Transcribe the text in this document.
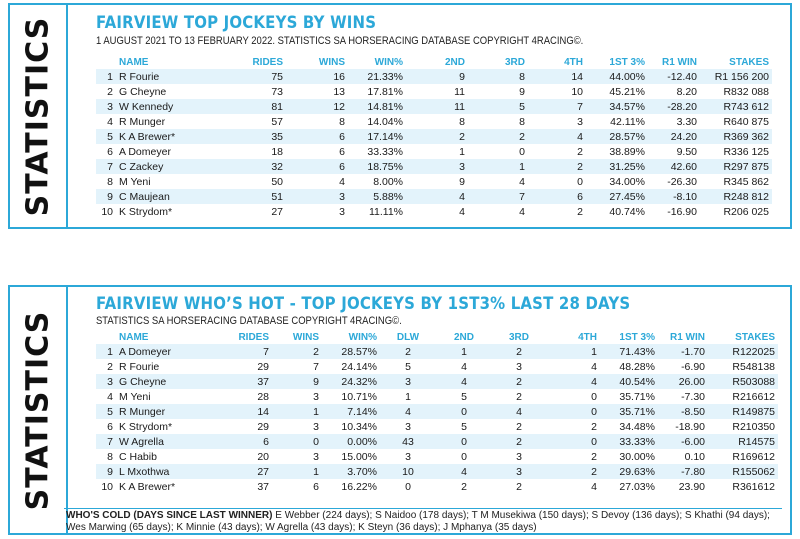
STATISTICS FAIRVIEW TOP JOCKEYS BY WINS
1 AUGUST 2021 TO 13 FEBRUARY 2022. STATISTICS SA HORSERACING DATABASE COPYRIGHT 4RACING©.
	NAME	RIDES	WINS	WIN%	2ND	3RD	4TH	1ST 3%	R1 WIN	STAKES
1	R Fourie	75	16	21.33%	9	8	14	44.00%	-12.40	R1 156 200
2	G Cheyne	73	13	17.81%	11	9	10	45.21%	8.20	R832 088
3	W Kennedy	81	12	14.81%	11	5	7	34.57%	-28.20	R743 612
4	R Munger	57	8	14.04%	8	8	3	42.11%	3.30	R640 875
5	K A Brewer*	35	6	17.14%	2	2	4	28.57%	24.20	R369 362
6	A Domeyer	18	6	33.33%	1	0	2	38.89%	9.50	R336 125
7	C Zackey	32	6	18.75%	3	1	2	31.25%	42.60	R297 875
8	M Yeni	50	4	8.00%	9	4	0	34.00%	-26.30	R345 862
9	C Maujean	51	3	5.88%	4	7	6	27.45%	-8.10	R248 812
10	K Strydom*	27	3	11.11%	4	4	2	40.74%	-16.90	R206 025
STATISTICS
FAIRVIEW WHO’S HOT - TOP JOCKEYS BY 1ST3% LAST 28 DAYS
STATISTICS SA HORSERACING DATABASE COPYRIGHT 4RACING©.
	NAME	RIDES	WINS	WIN%	DLW	2ND	3RD	4TH	1ST 3%	R1 WIN	STAKES
1	A Domeyer	7	2	28.57%	2	1	2	1	71.43%	-1.70	R122025
2	R Fourie	29	7	24.14%	5	4	3	4	48.28%	-6.90	R548138
3	G Cheyne	37	9	24.32%	3	4	2	4	40.54%	26.00	R503088
4	M Yeni	28	3	10.71%	1	5	2	0	35.71%	-7.30	R216612
5	R Munger	14	1	7.14%	4	0	4	0	35.71%	-8.50	R149875
6	K Strydom*	29	3	10.34%	3	5	2	2	34.48%	-18.90	R210350
7	W Agrella	6	0	0.00%	43	0	2	0	33.33%	-6.00	R14575
8	C Habib	20	3	15.00%	3	0	3	2	30.00%	0.10	R169612
9	L Mxothwa	27	1	3.70%	10	4	3	2	29.63%	-7.80	R155062
10	K A Brewer*	37	6	16.22%	0	2	2	4	27.03%	23.90	R361612
WHO'S COLD (DAYS SINCE LAST WINNER) E Webber (224 days); S Naidoo (178 days); T M Musekiwa (150 days); S Devoy (136 days); S Khathi (94 days); Wes Marwing (65 days); K Minnie (43 days); W Agrella (43 days); K Steyn (36 days); J Mphanya (35 days)
